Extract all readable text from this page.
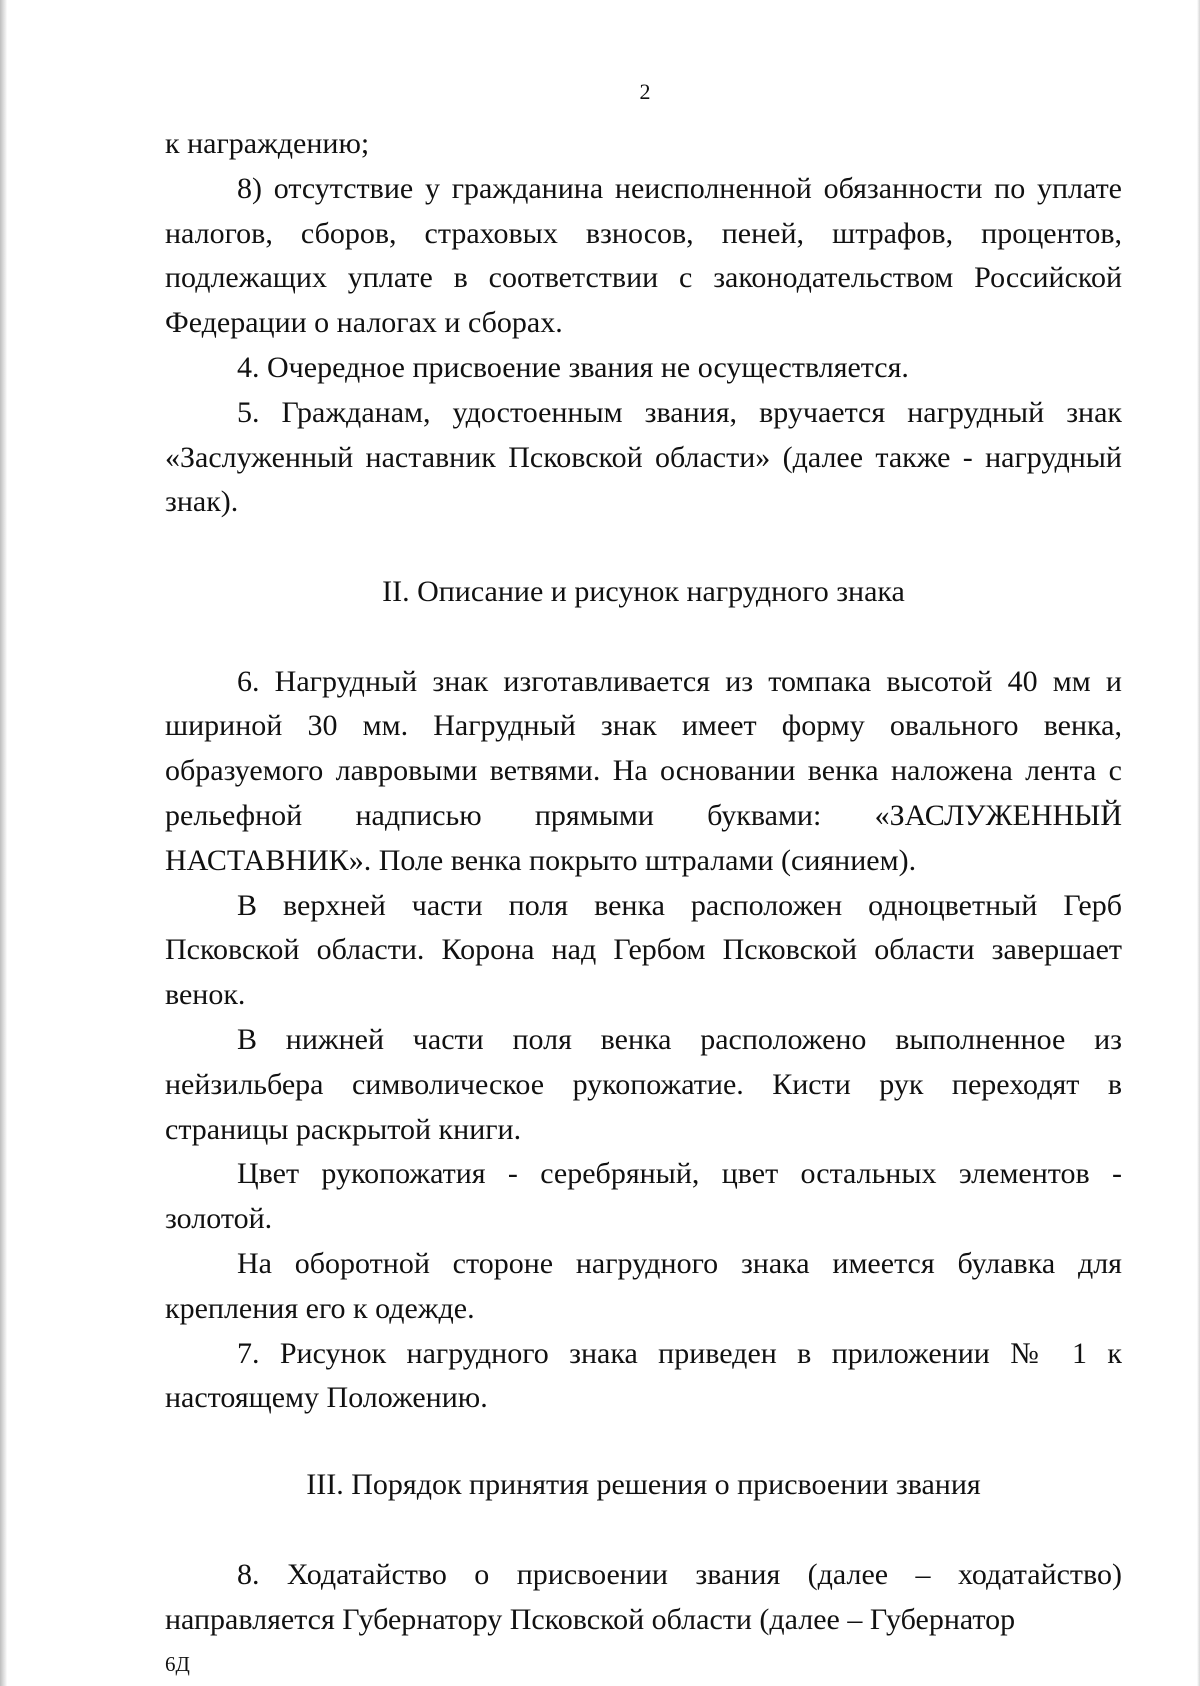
2

к награждению;

8) отсутствие у гражданина неисполненной обязанности по уплате налогов, сборов, страховых взносов, пеней, штрафов, процентов, подлежащих уплате в соответствии с законодательством Российской Федерации о налогах и сборах.

4. Очередное присвоение звания не осуществляется.

5. Гражданам, удостоенным звания, вручается нагрудный знак «Заслуженный наставник Псковской области» (далее также - нагрудный знак).

II. Описание и рисунок нагрудного знака

6. Нагрудный знак изготавливается из томпака высотой 40 мм и шириной 30 мм. Нагрудный знак имеет форму овального венка, образуемого лавровыми ветвями. На основании венка наложена лента с рельефной надписью прямыми буквами: «ЗАСЛУЖЕННЫЙ НАСТАВНИК». Поле венка покрыто штралами (сиянием).

В верхней части поля венка расположен одноцветный Герб Псковской области. Корона над Гербом Псковской области завершает венок.

В нижней части поля венка расположено выполненное из нейзильбера символическое рукопожатие. Кисти рук переходят в страницы раскрытой книги.

Цвет рукопожатия - серебряный, цвет остальных элементов - золотой.

На оборотной стороне нагрудного знака имеется булавка для крепления его к одежде.

7. Рисунок нагрудного знака приведен в приложении № 1 к настоящему Положению.

III. Порядок принятия решения о присвоении звания

8. Ходатайство о присвоении звания (далее – ходатайство) направляется Губернатору Псковской области (далее – Губернатор

6Д
